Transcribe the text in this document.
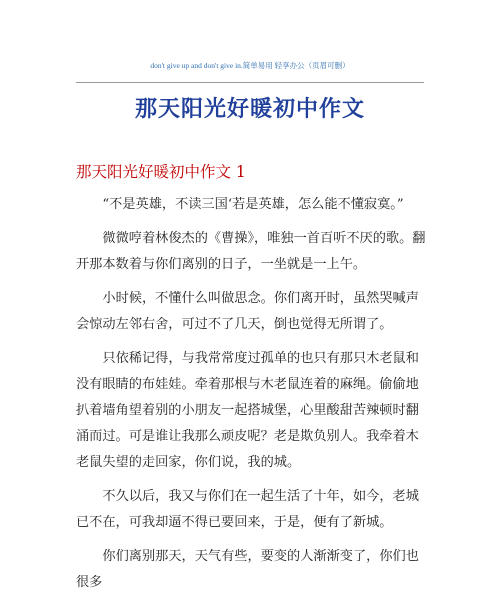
don't give up and don't give in.简单易用 轻享办公（页眉可删）
那天阳光好暖初中作文
那天阳光好暖初中作文 1

“不是英雄，不读三国‘若是英雄，怎么能不懂寂寞。”

微微哼着林俊杰的《曹操》，唯独一首百听不厌的歌。翻开那本数着与你们离别的日子，一坐就是一上午。

小时候，不懂什么叫做思念。你们离开时，虽然哭喊声会惊动左邻右舍，可过不了几天，倒也觉得无所谓了。

只依稀记得，与我常常度过孤单的也只有那只木老鼠和没有眼睛的布娃娃。牵着那根与木老鼠连着的麻绳。偷偷地扒着墙角望着别的小朋友一起搭城堡，心里酸甜苦辣顿时翻涌而过。可是谁让我那么顽皮呢？老是欺负别人。我牵着木老鼠失望的走回家，你们说，我的城。

不久以后，我又与你们在一起生活了十年，如今，老城已不在，可我却逼不得已要回来，于是，便有了新城。

你们离别那天，天气有些，要变的人渐渐变了，你们也很多
